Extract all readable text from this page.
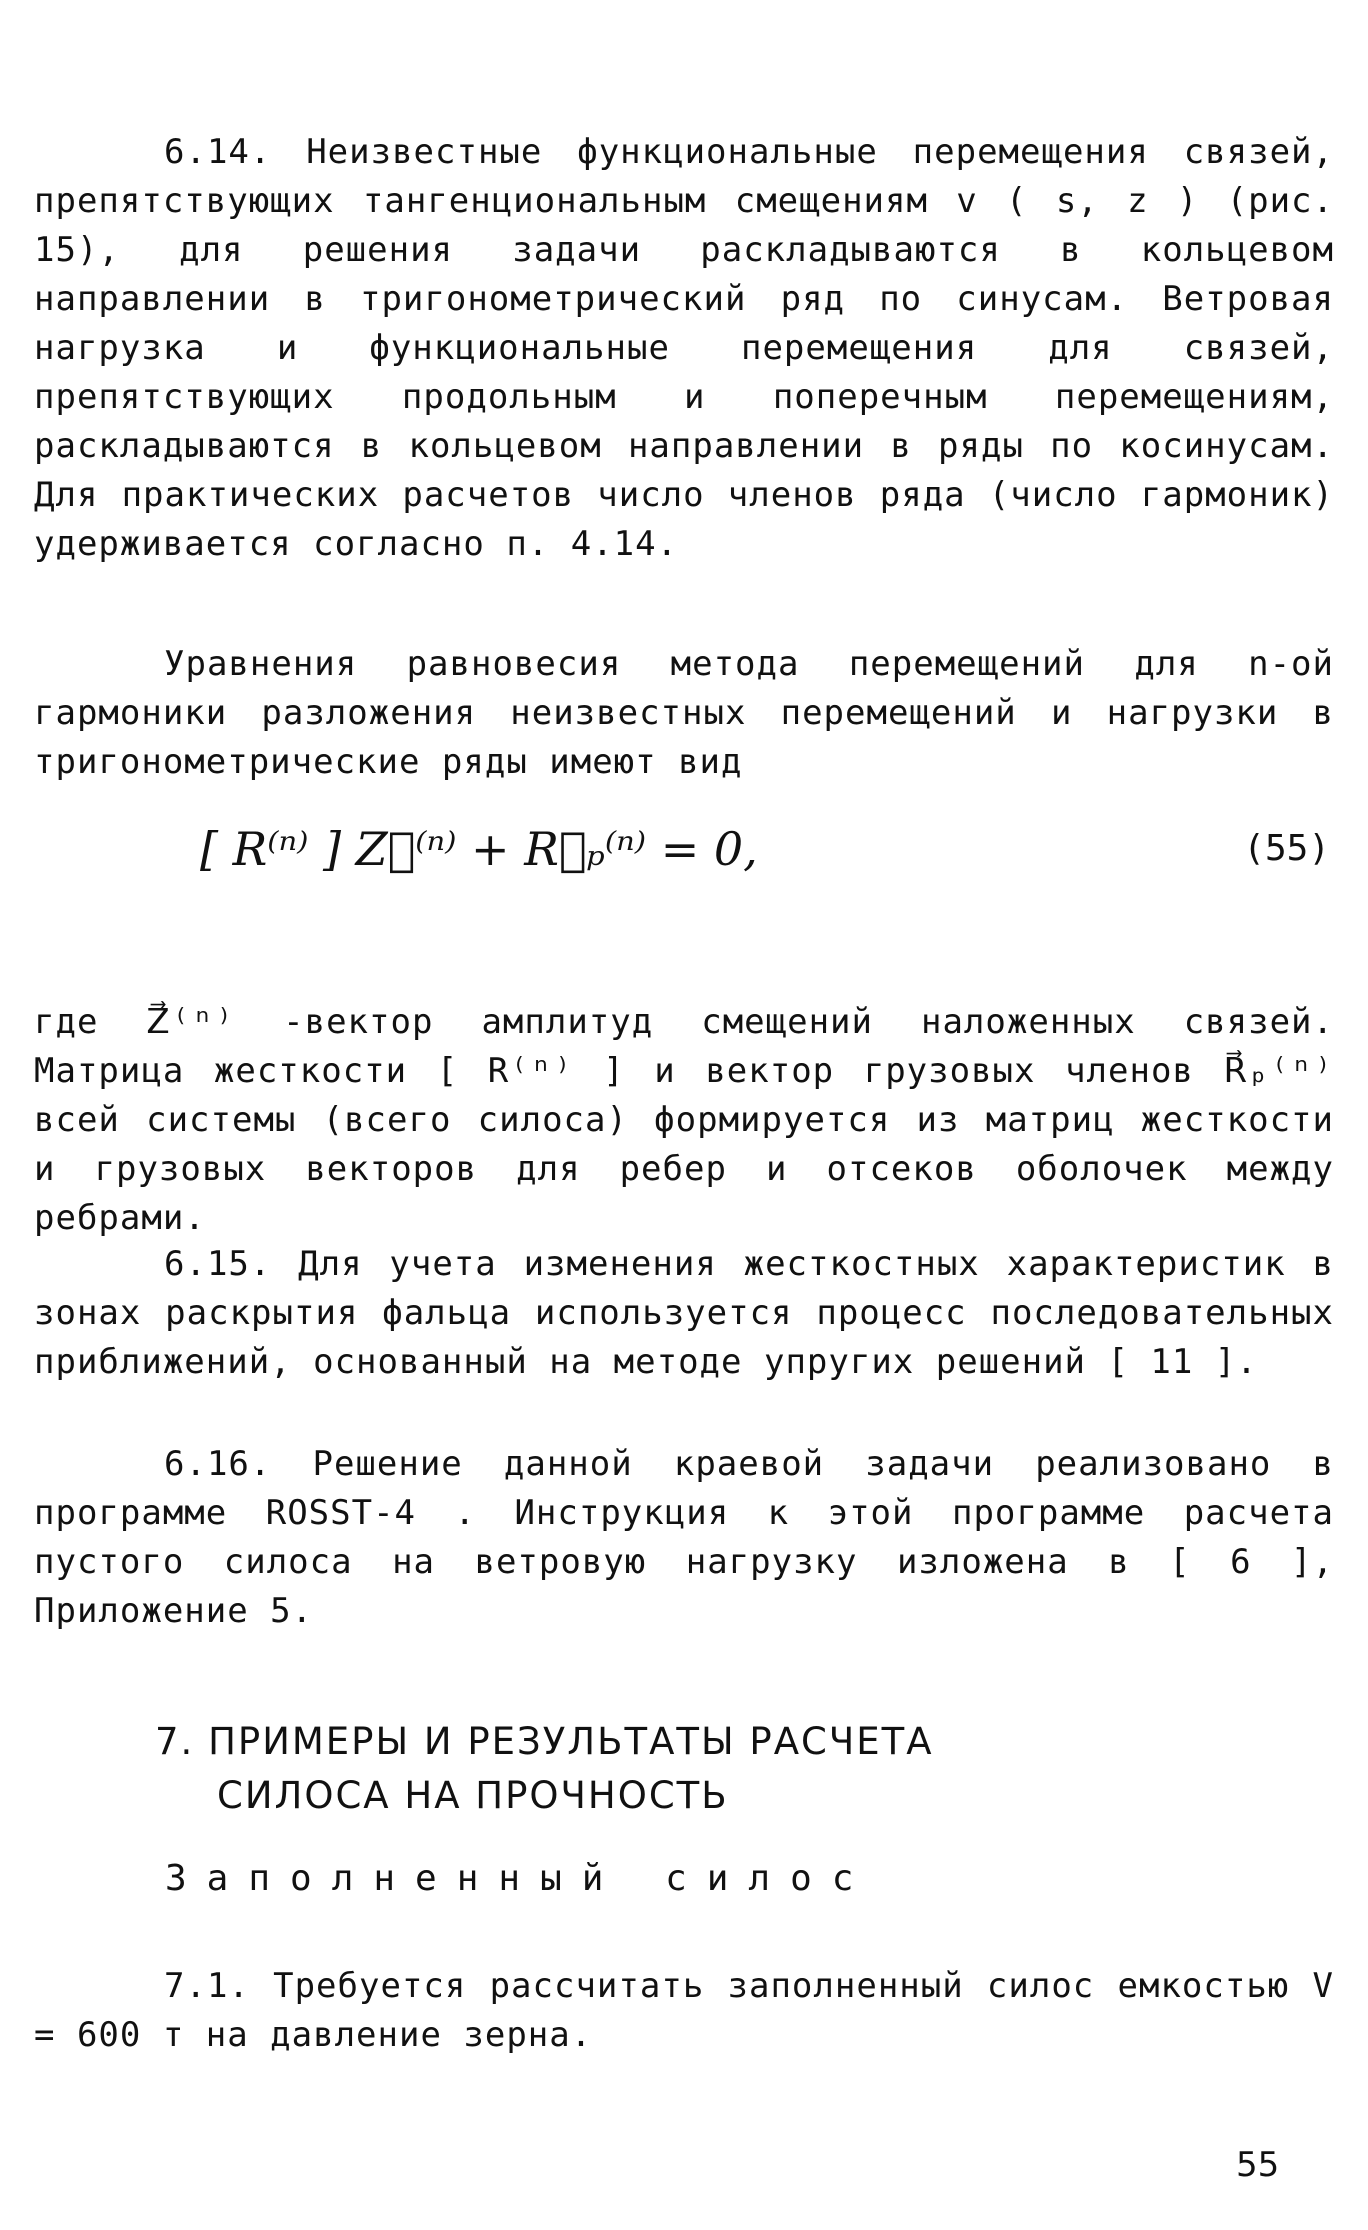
6.14. Неизвестные функциональные перемещения связей, препятствующих тангенциональным смещениям v ( s, z ) (рис. 15), для решения задачи раскладываются в кольцевом направлении в тригонометрический ряд по синусам. Ветровая нагрузка и функциональные перемещения для связей, препятствующих продольным и поперечным перемещениям, раскладываются в кольцевом направлении в ряды по косинусам. Для практических расчетов число членов ряда (число гармоник) удерживается согласно п. 4.14.

Уравнения равновесия метода перемещений для n-ой гармоники разложения неизвестных перемещений и нагрузки в тригонометрические ряды имеют вид

[ R⁽ⁿ⁾ ] Z⃗⁽ⁿ⁾ + R⃗ₚ⁽ⁿ⁾ = 0,	(55)

где Z⃗⁽ⁿ⁾ -вектор амплитуд смещений наложенных связей. Матрица жесткости [ R⁽ⁿ⁾ ] и вектор грузовых членов R⃗ₚ⁽ⁿ⁾ всей системы (всего силоса) формируется из матриц жесткости и грузовых векторов для ребер и отсеков оболочек между ребрами.

6.15. Для учета изменения жесткостных характеристик в зонах раскрытия фальца используется процесс последовательных приближений, основанный на методе упругих решений [ 11 ].

6.16. Решение данной краевой задачи реализовано в программе ROSST-4 . Инструкция к этой программе расчета пустого силоса на ветровую нагрузку изложена в [ 6 ], Приложение 5.

7. ПРИМЕРЫ И РЕЗУЛЬТАТЫ РАСЧЕТА
СИЛОСА НА ПРОЧНОСТЬ

Заполненный силос

7.1. Требуется рассчитать заполненный силос емкостью V = 600 т на давление зерна.

55
